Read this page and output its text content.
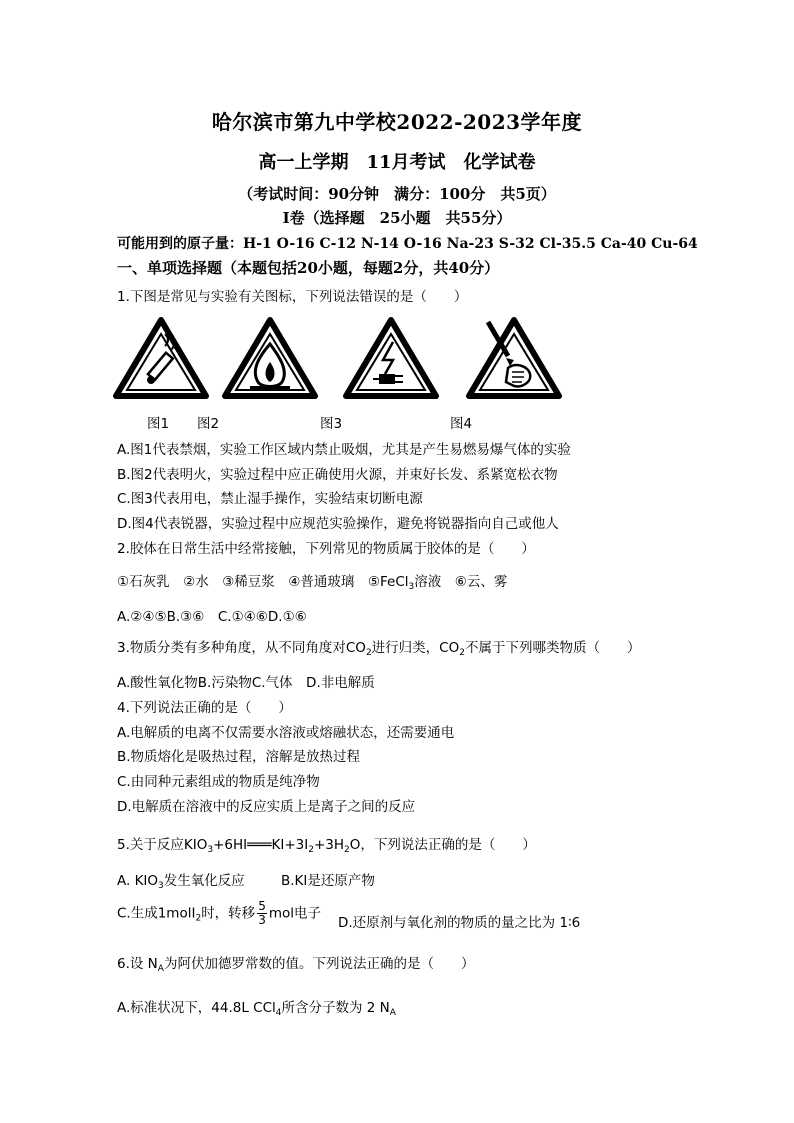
哈尔滨市第九中学校2022-2023学年度
高一上学期　11月考试　化学试卷
（考试时间：90分钟　满分：100分　共5页）
Ⅰ卷（选择题　25小题　共55分）
可能用到的原子量：H-1 O-16 C-12 N-14 O-16 Na-23 S-32 Cl-35.5 Ca-40 Cu-64
一、单项选择题（本题包括20小题，每题2分，共40分）
1.下图是常见与实验有关图标，下列说法错误的是（　　）
图1 图2	图3	图4
A.图1代表禁烟，实验工作区域内禁止吸烟，尤其是产生易燃易爆气体的实验
B.图2代表明火，实验过程中应正确使用火源，并束好长发、系紧宽松衣物
C.图3代表用电，禁止湿手操作，实验结束切断电源
D.图4代表锐器，实验过程中应规范实验操作，避免将锐器指向自己或他人
2.胶体在日常生活中经常接触，下列常见的物质属于胶体的是（　　）
①石灰乳　②水　③稀豆浆　④普通玻璃　⑤FeCl$_3$溶液　⑥云、雾
A.②④⑤B.③⑥　C.①④⑥D.①⑥
3.物质分类有多种角度，从不同角度对$CO_2$进行归类，$CO_2$不属于下列哪类物质（　　）
A.酸性氧化物B.污染物C.气体　D.非电解质
4.下列说法正确的是（　　）
A.电解质的电离不仅需要水溶液或熔融状态，还需要通电
B.物质熔化是吸热过程，溶解是放热过程
C.由同种元素组成的物质是纯净物
D.电解质在溶液中的反应实质上是离子之间的反应
5.关于反应$KIO_3+6HI═══KI+3I_2+3H_2O$，下列说法正确的是（　　）
A. $KIO_3$发生氧化反应	B.KI是还原产物
C.生成1molI$_2$时，转移 $\frac{5}{3}$ mol电子
D.还原剂与氧化剂的物质的量之比为 1∶6
6.设 $N_A$为阿伏加德罗常数的值。下列说法正确的是（　　）
A.标准状况下，44.8L CCl$_4$所含分子数为 2 $N_A$
